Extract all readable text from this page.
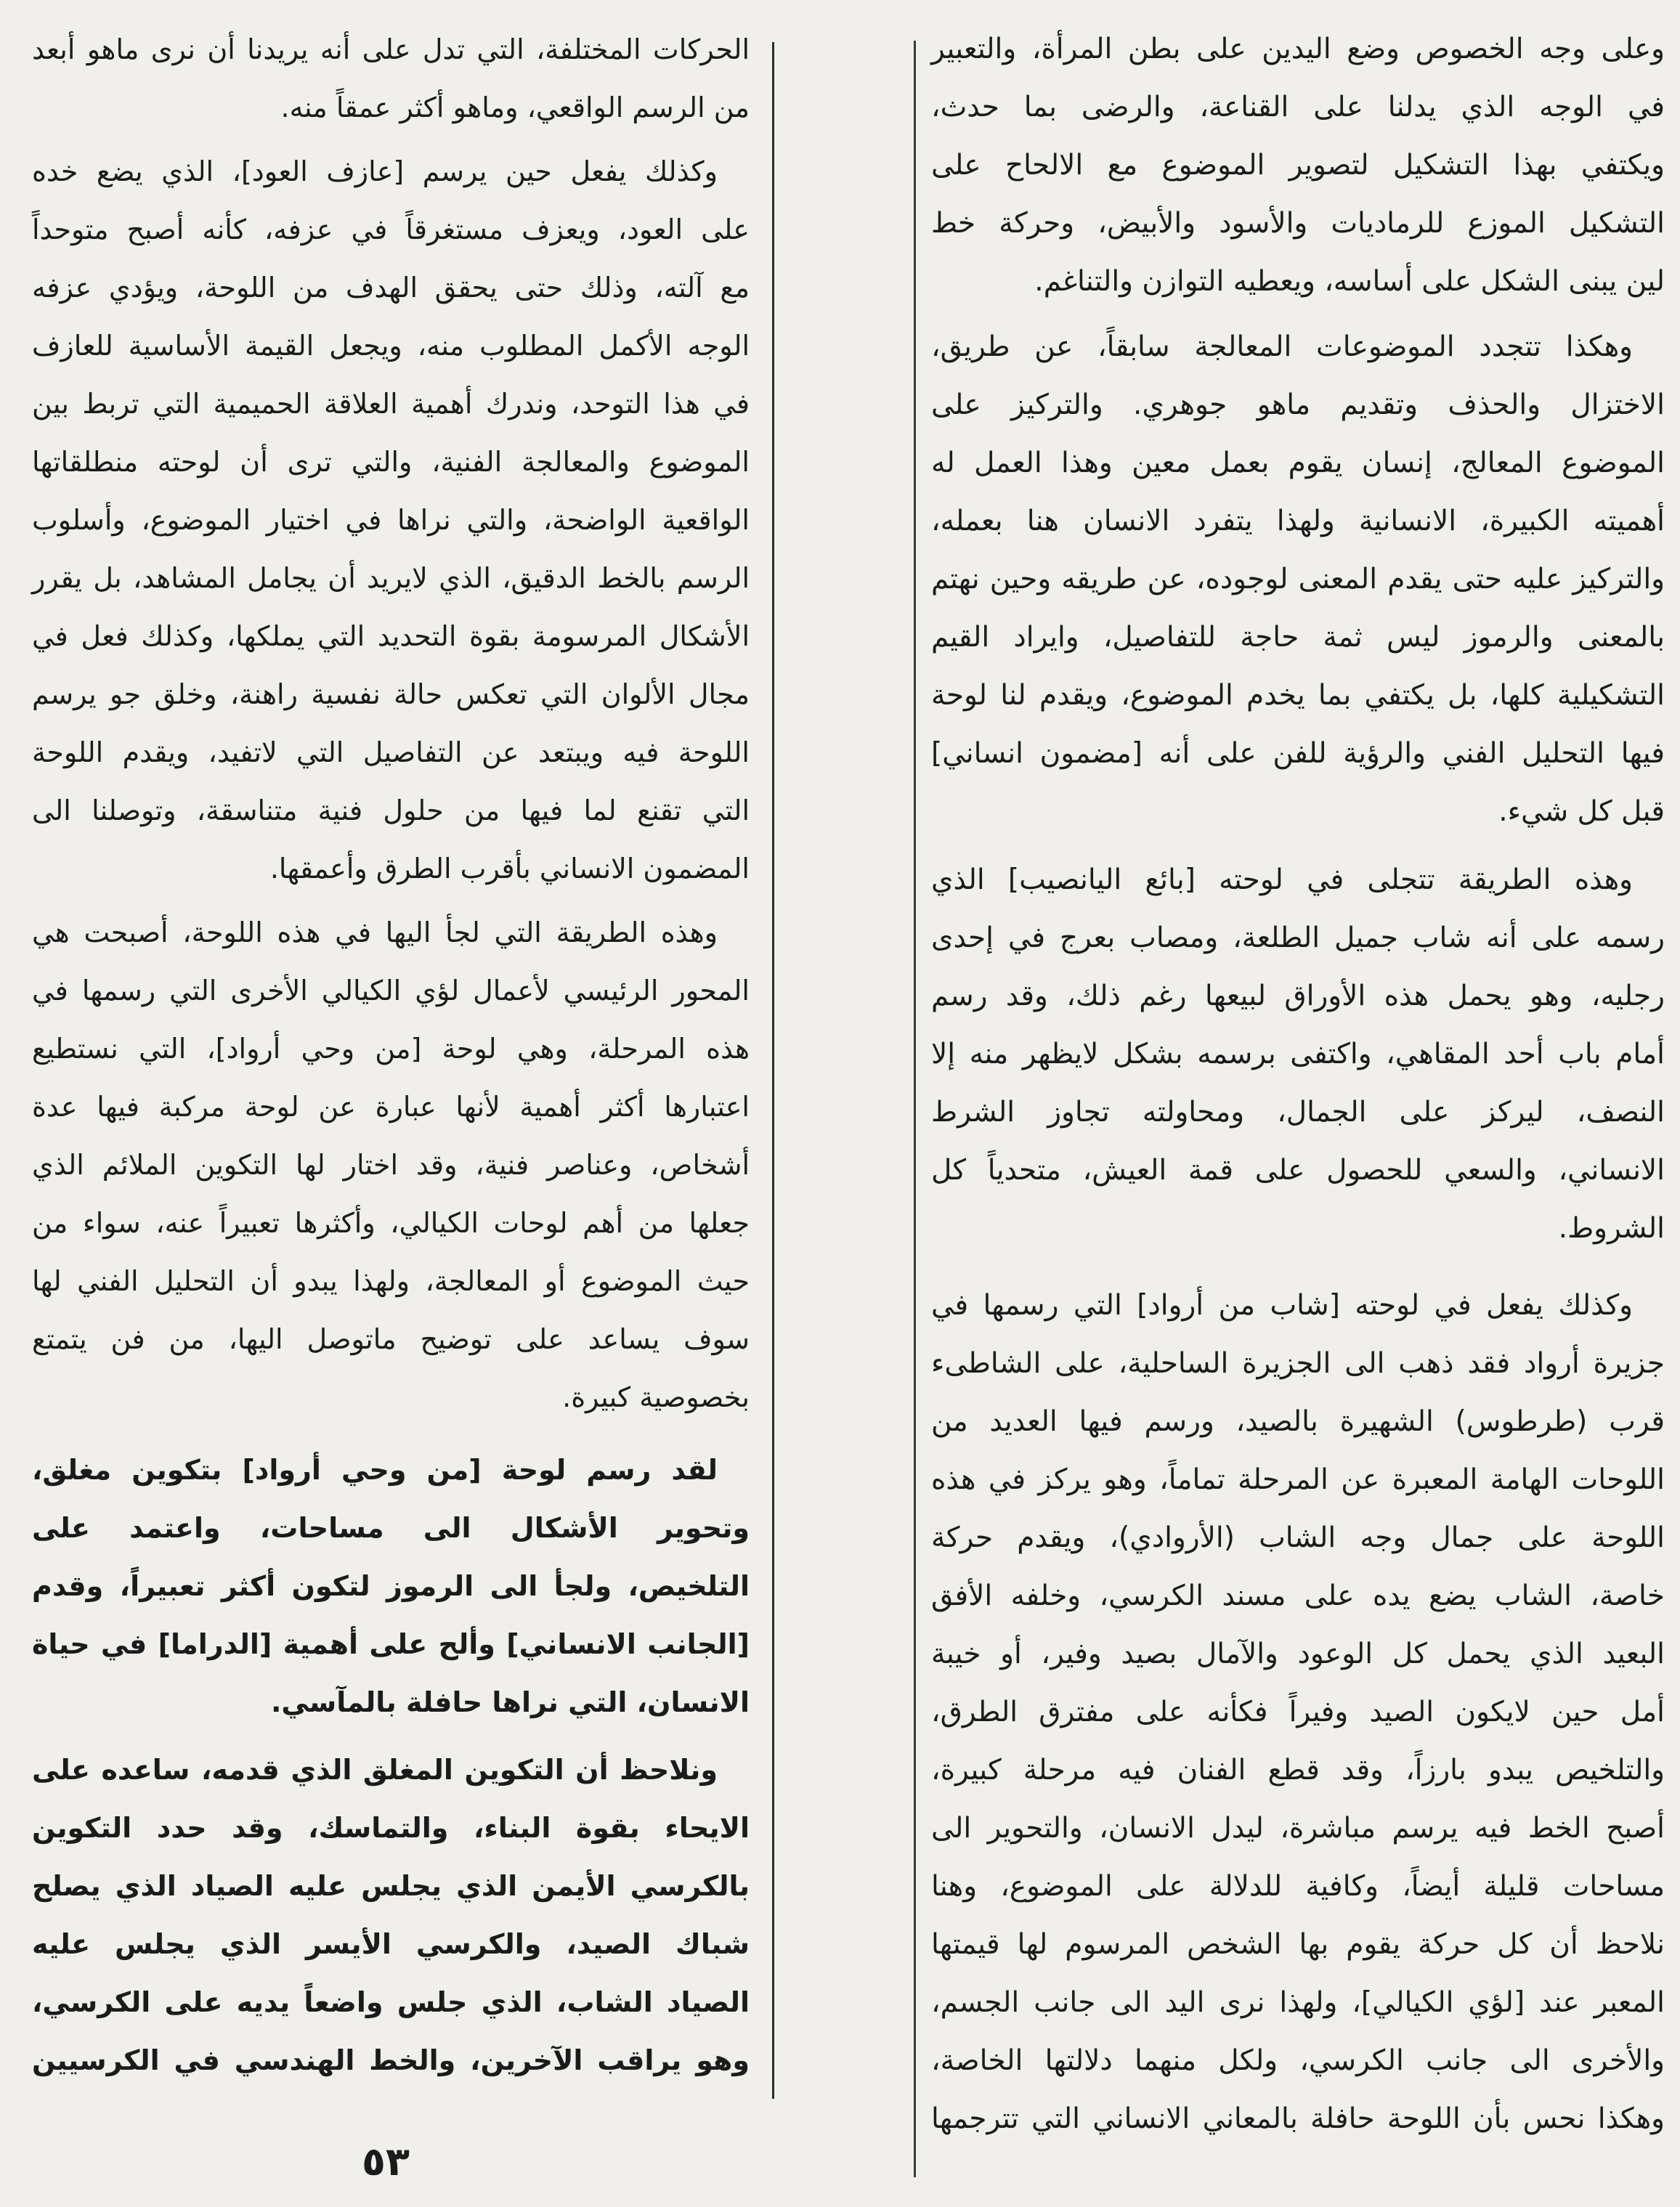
وعلى وجه الخصوص وضع اليدين على بطن المرأة، والتعبير
في الوجه الذي يدلنا على القناعة، والرضى بما حدث،
ويكتفي بهذا التشكيل لتصوير الموضوع مع الالحاح على
التشكيل الموزع للرماديات والأسود والأبيض، وحركة خط
لين يبنى الشكل على أساسه، ويعطيه التوازن والتناغم.
وهكذا تتجدد الموضوعات المعالجة سابقاً، عن طريق،
الاختزال والحذف وتقديم ماهو جوهري. والتركيز على
الموضوع المعالج، إنسان يقوم بعمل معين وهذا العمل له
أهميته الكبيرة، الانسانية ولهذا يتفرد الانسان هنا بعمله،
والتركيز عليه حتى يقدم المعنى لوجوده، عن طريقه وحين نهتم
بالمعنى والرموز ليس ثمة حاجة للتفاصيل، وايراد القيم
التشكيلية كلها، بل يكتفي بما يخدم الموضوع، ويقدم لنا لوحة
فيها التحليل الفني والرؤية للفن على أنه [مضمون انساني]
قبل كل شيء.
وهذه الطريقة تتجلى في لوحته [بائع اليانصيب] الذي
رسمه على أنه شاب جميل الطلعة، ومصاب بعرج في إحدى
رجليه، وهو يحمل هذه الأوراق لبيعها رغم ذلك، وقد رسم
أمام باب أحد المقاهي، واكتفى برسمه بشكل لايظهر منه إلا
النصف، ليركز على الجمال، ومحاولته تجاوز الشرط
الانساني، والسعي للحصول على قمة العيش، متحدياً كل
الشروط.
وكذلك يفعل في لوحته [شاب من أرواد] التي رسمها في
جزيرة أرواد فقد ذهب الى الجزيرة الساحلية، على الشاطىء
قرب (طرطوس) الشهيرة بالصيد، ورسم فيها العديد من
اللوحات الهامة المعبرة عن المرحلة تماماً، وهو يركز في هذه
اللوحة على جمال وجه الشاب (الأروادي)، ويقدم حركة
خاصة، الشاب يضع يده على مسند الكرسي، وخلفه الأفق
البعيد الذي يحمل كل الوعود والآمال بصيد وفير، أو خيبة
أمل حين لايكون الصيد وفيراً فكأنه على مفترق الطرق،
والتلخيص يبدو بارزاً، وقد قطع الفنان فيه مرحلة كبيرة،
أصبح الخط فيه يرسم مباشرة، ليدل الانسان، والتحوير الى
مساحات قليلة أيضاً، وكافية للدلالة على الموضوع، وهنا
نلاحظ أن كل حركة يقوم بها الشخص المرسوم لها قيمتها
المعبر عند [لؤي الكيالي]، ولهذا نرى اليد الى جانب الجسم،
والأخرى الى جانب الكرسي، ولكل منهما دلالتها الخاصة،
وهكذا نحس بأن اللوحة حافلة بالمعاني الانساني التي تترجمها
الحركات المختلفة، التي تدل على أنه يريدنا أن نرى ماهو أبعد
من الرسم الواقعي، وماهو أكثر عمقاً منه.
وكذلك يفعل حين يرسم [عازف العود]، الذي يضع خده
على العود، ويعزف مستغرقاً في عزفه، كأنه أصبح متوحداً
مع آلته، وذلك حتى يحقق الهدف من اللوحة، ويؤدي عزفه
الوجه الأكمل المطلوب منه، ويجعل القيمة الأساسية للعازف
في هذا التوحد، وندرك أهمية العلاقة الحميمية التي تربط بين
الموضوع والمعالجة الفنية، والتي ترى أن لوحته منطلقاتها
الواقعية الواضحة، والتي نراها في اختيار الموضوع، وأسلوب
الرسم بالخط الدقيق، الذي لايريد أن يجامل المشاهد، بل يقرر
الأشكال المرسومة بقوة التحديد التي يملكها، وكذلك فعل في
مجال الألوان التي تعكس حالة نفسية راهنة، وخلق جو يرسم
اللوحة فيه ويبتعد عن التفاصيل التي لاتفيد، ويقدم اللوحة
التي تقنع لما فيها من حلول فنية متناسقة، وتوصلنا الى
المضمون الانساني بأقرب الطرق وأعمقها.
وهذه الطريقة التي لجأ اليها في هذه اللوحة، أصبحت هي
المحور الرئيسي لأعمال لؤي الكيالي الأخرى التي رسمها في
هذه المرحلة، وهي لوحة [من وحي أرواد]، التي نستطيع
اعتبارها أكثر أهمية لأنها عبارة عن لوحة مركبة فيها عدة
أشخاص، وعناصر فنية، وقد اختار لها التكوين الملائم الذي
جعلها من أهم لوحات الكيالي، وأكثرها تعبيراً عنه، سواء من
حيث الموضوع أو المعالجة، ولهذا يبدو أن التحليل الفني لها
سوف يساعد على توضيح ماتوصل اليها، من فن يتمتع
بخصوصية كبيرة.
لقد رسم لوحة [من وحي أرواد] بتكوين مغلق،
وتحوير الأشكال الى مساحات، واعتمد على
التلخيص، ولجأ الى الرموز لتكون أكثر تعبيراً، وقدم
[الجانب الانساني] وألح على أهمية [الدراما] في حياة
الانسان، التي نراها حافلة بالمآسي.
ونلاحظ أن التكوين المغلق الذي قدمه، ساعده على
الايحاء بقوة البناء، والتماسك، وقد حدد التكوين
بالكرسي الأيمن الذي يجلس عليه الصياد الذي يصلح
شباك الصيد، والكرسي الأيسر الذي يجلس عليه
الصياد الشاب، الذي جلس واضعاً يديه على الكرسي،
وهو يراقب الآخرين، والخط الهندسي في الكرسيين
٥٣
